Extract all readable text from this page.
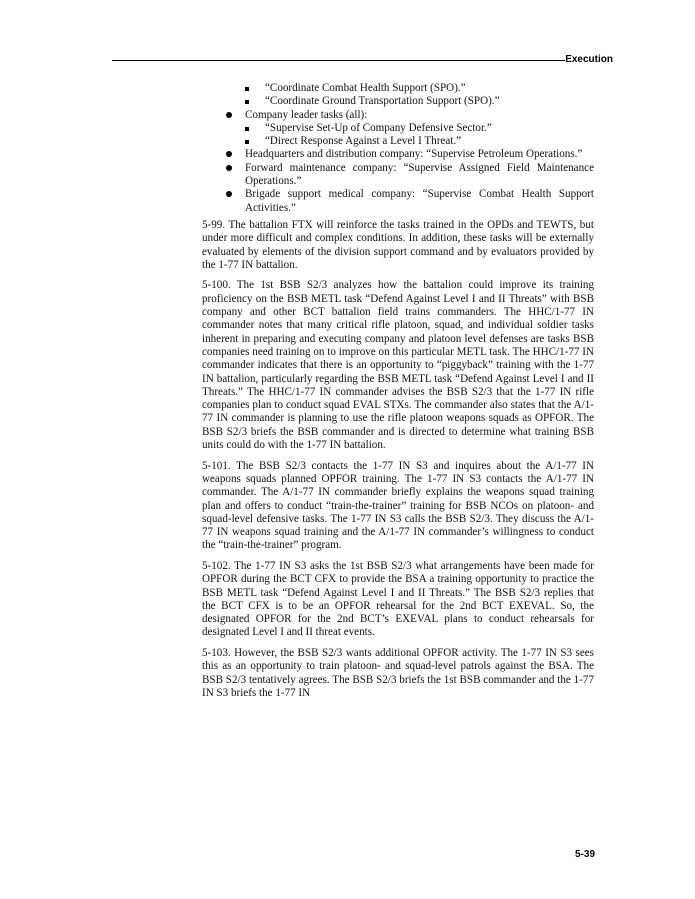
Execution
“Coordinate Combat Health Support (SPO).”
“Coordinate Ground Transportation Support (SPO).”
Company leader tasks (all):
“Supervise Set-Up of Company Defensive Sector.”
“Direct Response Against a Level I Threat.”
Headquarters and distribution company: “Supervise Petroleum Operations.”
Forward maintenance company: “Supervise Assigned Field Maintenance Operations.”
Brigade support medical company: “Supervise Combat Health Support Activities.”

5-99. The battalion FTX will reinforce the tasks trained in the OPDs and TEWTS, but under more difficult and complex conditions. In addition, these tasks will be externally evaluated by elements of the division support command and by evaluators provided by the 1-77 IN battalion.

5-100. The 1st BSB S2/3 analyzes how the battalion could improve its training proficiency on the BSB METL task “Defend Against Level I and II Threats” with BSB company and other BCT battalion field trains commanders. The HHC/1-77 IN commander notes that many critical rifle platoon, squad, and individual soldier tasks inherent in preparing and executing company and platoon level defenses are tasks BSB companies need training on to improve on this particular METL task. The HHC/1-77 IN commander indicates that there is an opportunity to “piggyback” training with the 1-77 IN battalion, particularly regarding the BSB METL task “Defend Against Level I and II Threats.” The HHC/1-77 IN commander advises the BSB S2/3 that the 1-77 IN rifle companies plan to conduct squad EVAL STXs. The commander also states that the A/1-77 IN commander is planning to use the rifle platoon weapons squads as OPFOR. The BSB S2/3 briefs the BSB commander and is directed to determine what training BSB units could do with the 1-77 IN battalion.

5-101. The BSB S2/3 contacts the 1-77 IN S3 and inquires about the A/1-77 IN weapons squads planned OPFOR training. The 1-77 IN S3 contacts the A/1-77 IN commander. The A/1-77 IN commander briefly explains the weapons squad training plan and offers to conduct “train-the-trainer” training for BSB NCOs on platoon- and squad-level defensive tasks. The 1-77 IN S3 calls the BSB S2/3. They discuss the A/1-77 IN weapons squad training and the A/1-77 IN commander’s willingness to conduct the “train-the-trainer” program.

5-102. The 1-77 IN S3 asks the 1st BSB S2/3 what arrangements have been made for OPFOR during the BCT CFX to provide the BSA a training opportunity to practice the BSB METL task “Defend Against Level I and II Threats.” The BSB S2/3 replies that the BCT CFX is to be an OPFOR rehearsal for the 2nd BCT EXEVAL. So, the designated OPFOR for the 2nd BCT’s EXEVAL plans to conduct rehearsals for designated Level I and II threat events.

5-103. However, the BSB S2/3 wants additional OPFOR activity. The 1-77 IN S3 sees this as an opportunity to train platoon- and squad-level patrols against the BSA. The BSB S2/3 tentatively agrees. The BSB S2/3 briefs the 1st BSB commander and the 1-77 IN S3 briefs the 1-77 IN

5-39
